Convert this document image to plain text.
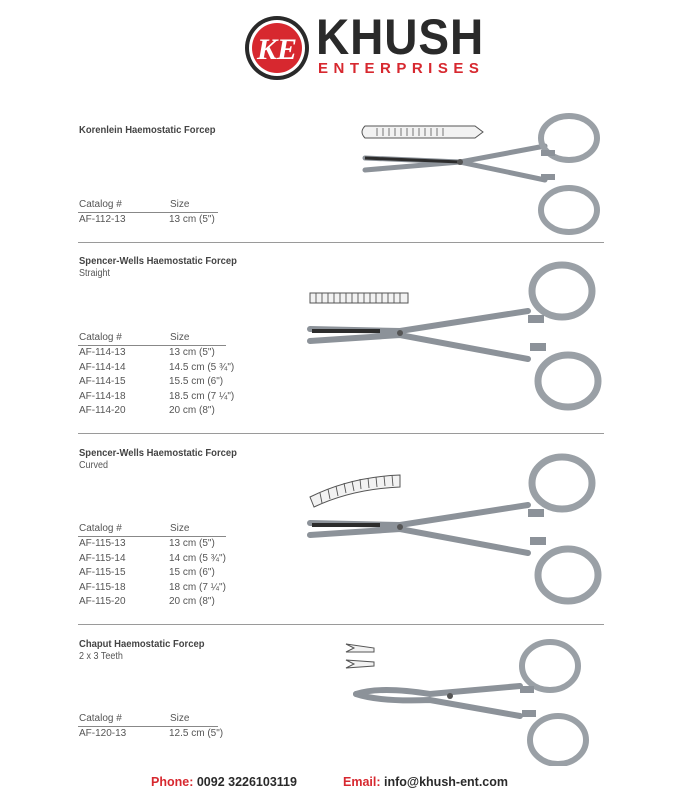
KE KHUSH
ENTERPRISES
Korenlein Haemostatic Forcep
Catalog #	Size
AF-112-13	13 cm (5")
Spencer-Wells Haemostatic Forcep
Straight
Catalog #	Size
AF-114-13	13 cm (5")
AF-114-14	14.5 cm (5 ¾")
AF-114-15	15.5 cm (6")
AF-114-18	18.5 cm (7 ¼")
AF-114-20	20 cm (8")
Spencer-Wells Haemostatic Forcep
Curved
Catalog #	Size
AF-115-13	13 cm (5")
AF-115-14	14 cm (5 ¾")
AF-115-15	15 cm (6")
AF-115-18	18 cm (7 ¼")
AF-115-20	20 cm (8")
Chaput Haemostatic Forcep
2 x 3 Teeth
Catalog #	Size
AF-120-13	12.5 cm (5")
Phone: 0092 3226103119	Email: info@khush-ent.com
